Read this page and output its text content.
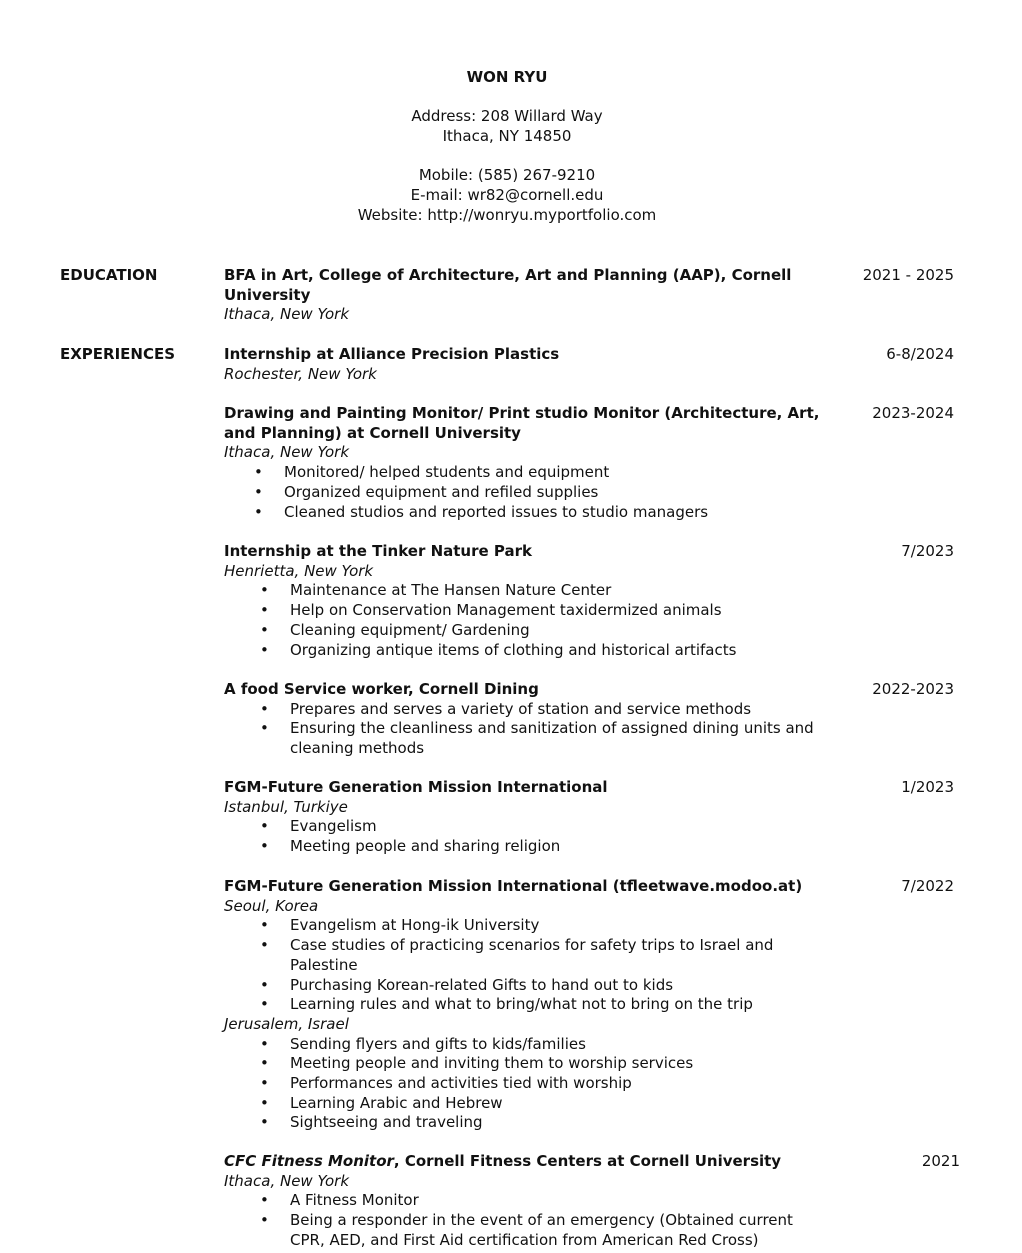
WON RYU
Address: 208 Willard Way
Ithaca, NY 14850
Mobile: (585) 267-9210
E-mail: wr82@cornell.edu
Website: http://wonryu.myportfolio.com
EDUCATION	BFA in Art, College of Architecture, Art and Planning (AAP), Cornell University
Ithaca, New York
2021 - 2025
EXPERIENCES	Internship at Alliance Precision Plastics
Rochester, New York
6-8/2024
Drawing and Painting Monitor/ Print studio Monitor (Architecture, Art, and Planning) at Cornell University
Ithaca, New York
• Monitored/ helped students and equipment
• Organized equipment and refiled supplies
• Cleaned studios and reported issues to studio managers
2023-2024
Internship at the Tinker Nature Park
Henrietta, New York
• Maintenance at The Hansen Nature Center
• Help on Conservation Management taxidermized animals
• Cleaning equipment/ Gardening
• Organizing antique items of clothing and historical artifacts
7/2023
A food Service worker, Cornell Dining
• Prepares and serves a variety of station and service methods
• Ensuring the cleanliness and sanitization of assigned dining units and cleaning methods
2022-2023
FGM-Future Generation Mission International
Istanbul, Turkiye
• Evangelism
• Meeting people and sharing religion
1/2023
FGM-Future Generation Mission International (tfleetwave.modoo.at)
Seoul, Korea
• Evangelism at Hong-ik University
• Case studies of practicing scenarios for safety trips to Israel and Palestine
• Purchasing Korean-related Gifts to hand out to kids
• Learning rules and what to bring/what not to bring on the trip
Jerusalem, Israel
• Sending flyers and gifts to kids/families
• Meeting people and inviting them to worship services
• Performances and activities tied with worship
• Learning Arabic and Hebrew
• Sightseeing and traveling
7/2022
CFC Fitness Monitor, Cornell Fitness Centers at Cornell University
Ithaca, New York
• A Fitness Monitor
• Being a responder in the event of an emergency (Obtained current CPR, AED, and First Aid certification from American Red Cross)
2021
